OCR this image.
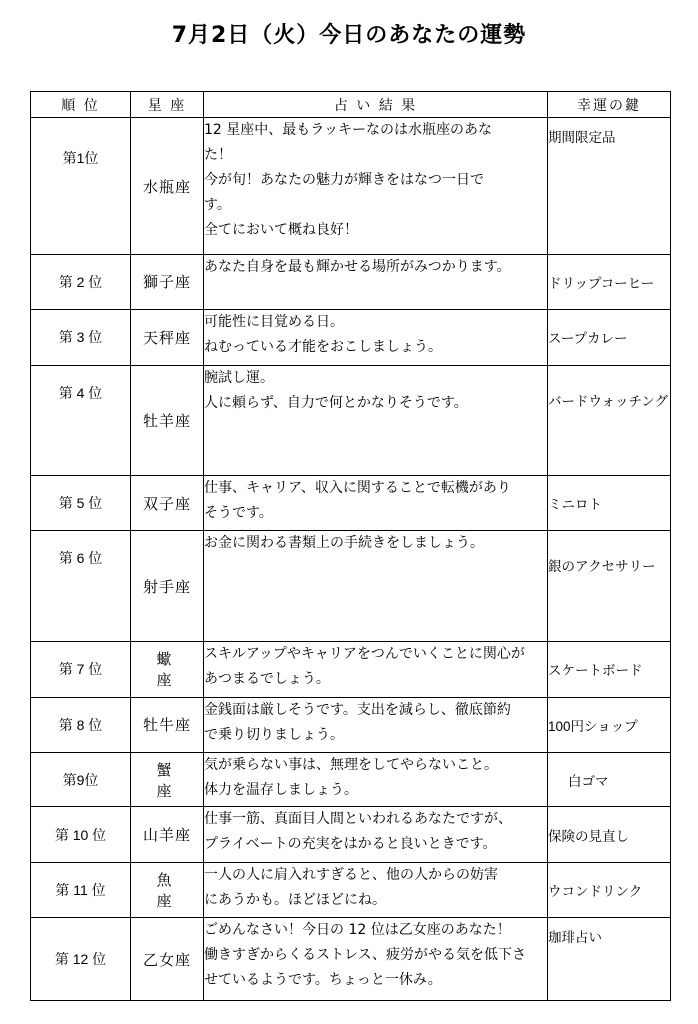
7月2日（火）今日のあなたの運勢
順 位	星 座	占 い 結 果	幸運の鍵
第1位	水瓶座	12 星座中、最もラッキーなのは水瓶座のあな
た！
今が旬！あなたの魅力が輝きをはなつ一日で
す。
全てにおいて概ね良好！	期間限定品
第 2 位	獅子座	あなた自身を最も輝かせる場所がみつかります。	ドリップコーヒー
第 3 位	天秤座	可能性に目覚める日。
ねむっている才能をおこしましょう。	スープカレー
第 4 位	牡羊座	腕試し運。
人に頼らず、自力で何とかなりそうです。	バードウォッチング
第 5 位	双子座	仕事、キャリア、収入に関することで転機があり
そうです。	ミニロト
第 6 位	射手座	お金に関わる書類上の手続きをしましょう。	銀のアクセサリー
第 7 位	蠍　座	スキルアップやキャリアをつんでいくことに関心が
あつまるでしょう。	スケートボード
第 8 位	牡牛座	金銭面は厳しそうです。支出を減らし、徹底節約
で乗り切りましょう。	100円ショップ
第9位	蟹　座	気が乗らない事は、無理をしてやらないこと。
体力を温存しましょう。	白ゴマ
第 10 位	山羊座	仕事一筋、真面目人間といわれるあなたですが、
プライベートの充実をはかると良いときです。	保険の見直し
第 11 位	魚　座	一人の人に肩入れすぎると、他の人からの妨害
にあうかも。ほどほどにね。	ウコンドリンク
第 12 位	乙女座	ごめんなさい！今日の 12 位は乙女座のあなた！
働きすぎからくるストレス、疲労がやる気を低下さ
せているようです。ちょっと一休み。	珈琲占い
